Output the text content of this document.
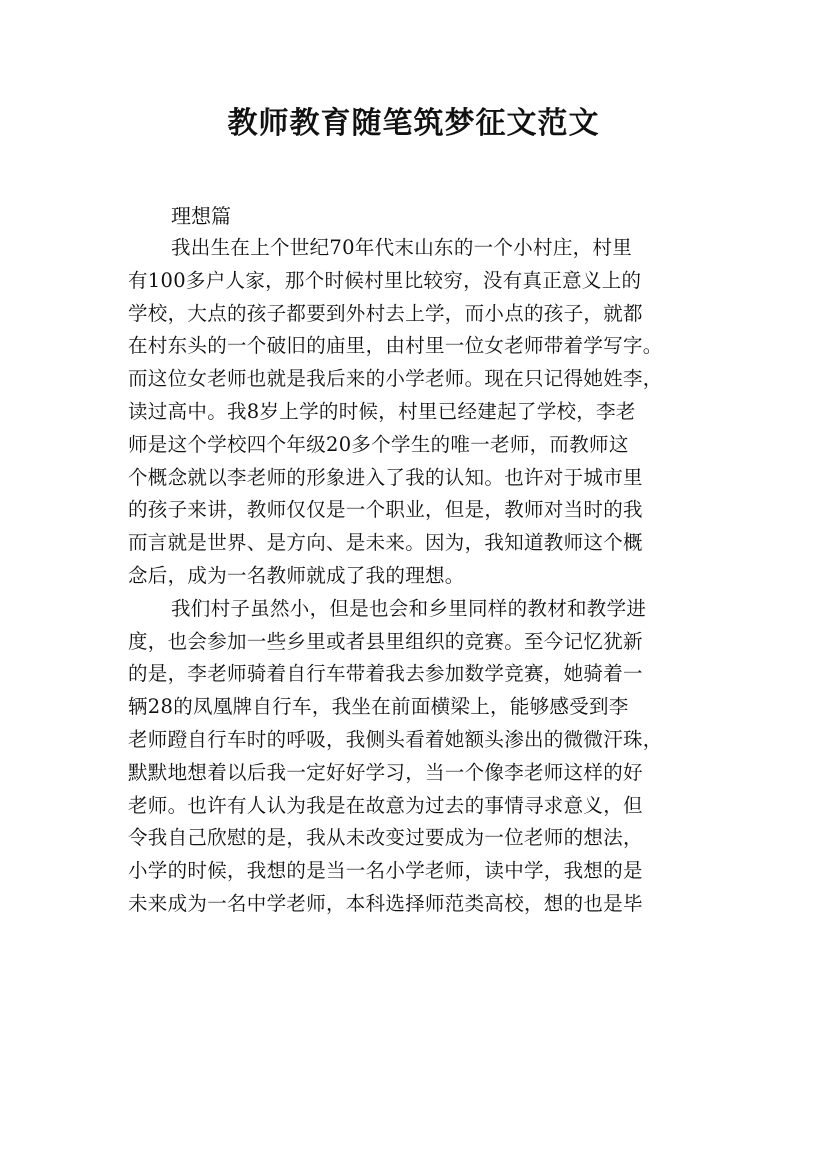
教师教育随笔筑梦征文范文
理想篇
我出生在上个世纪70年代末山东的一个小村庄，村里
有100多户人家，那个时候村里比较穷，没有真正意义上的
学校，大点的孩子都要到外村去上学，而小点的孩子，就都
在村东头的一个破旧的庙里，由村里一位女老师带着学写字。
而这位女老师也就是我后来的小学老师。现在只记得她姓李，
读过高中。我8岁上学的时候，村里已经建起了学校，李老
师是这个学校四个年级20多个学生的唯一老师，而教师这
个概念就以李老师的形象进入了我的认知。也许对于城市里
的孩子来讲，教师仅仅是一个职业，但是，教师对当时的我
而言就是世界、是方向、是未来。因为，我知道教师这个概
念后，成为一名教师就成了我的理想。
我们村子虽然小，但是也会和乡里同样的教材和教学进
度，也会参加一些乡里或者县里组织的竞赛。至今记忆犹新
的是，李老师骑着自行车带着我去参加数学竞赛，她骑着一
辆28的凤凰牌自行车，我坐在前面横梁上，能够感受到李
老师蹬自行车时的呼吸，我侧头看着她额头渗出的微微汗珠，
默默地想着以后我一定好好学习，当一个像李老师这样的好
老师。也许有人认为我是在故意为过去的事情寻求意义，但
令我自己欣慰的是，我从未改变过要成为一位老师的想法，
小学的时候，我想的是当一名小学老师，读中学，我想的是
未来成为一名中学老师，本科选择师范类高校，想的也是毕
